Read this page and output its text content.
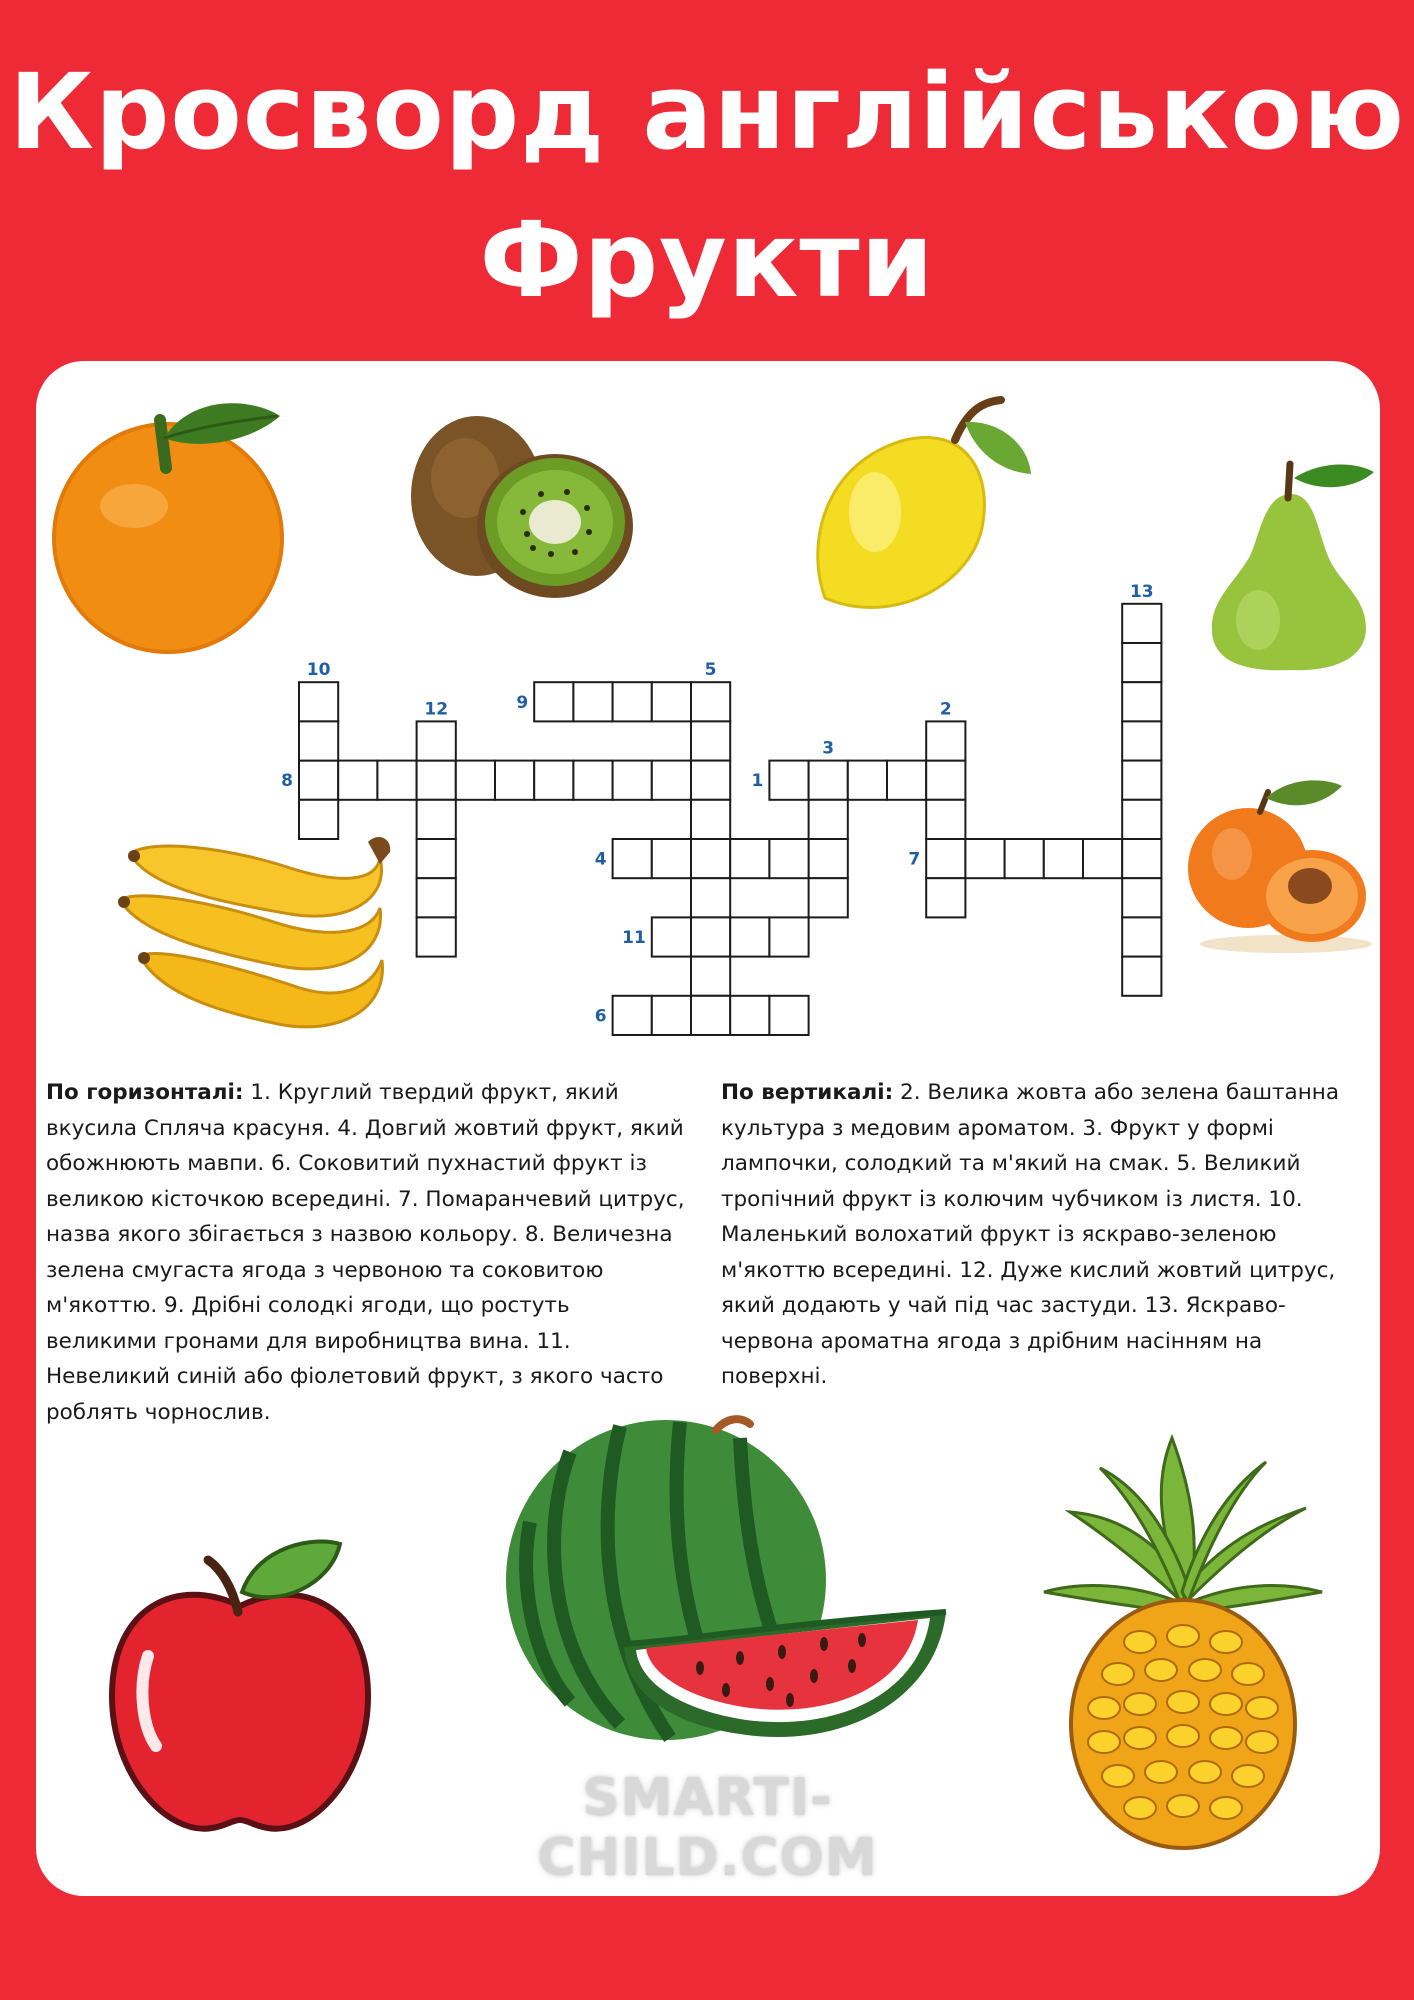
Кросворд англійською
Фрукти
1
2
3
4
5
6
7
8
9
10
11
12
13
По горизонталі: 1. Круглий твердий фрукт, який вкусила Спляча красуня. 4. Довгий жовтий фрукт, який обожнюють мавпи. 6. Соковитий пухнастий фрукт із великою кісточкою всередині. 7. Помаранчевий цитрус, назва якого збігається з назвою кольору. 8. Величезна зелена смугаста ягода з червоною та соковитою м'якоттю. 9. Дрібні солодкі ягоди, що ростуть великими гронами для виробництва вина. 11. Невеликий синій або фіолетовий фрукт, з якого часто роблять чорнослив.
По вертикалі: 2. Велика жовта або зелена баштанна культура з медовим ароматом. 3. Фрукт у формі лампочки, солодкий та м'який на смак. 5. Великий тропічний фрукт із колючим чубчиком із листя. 10. Маленький волохатий фрукт із яскраво-зеленою м'якоттю всередині. 12. Дуже кислий жовтий цитрус, який додають у чай під час застуди. 13. Яскраво-червона ароматна ягода з дрібним насінням на поверхні.
SMARTI-CHILD.COM
